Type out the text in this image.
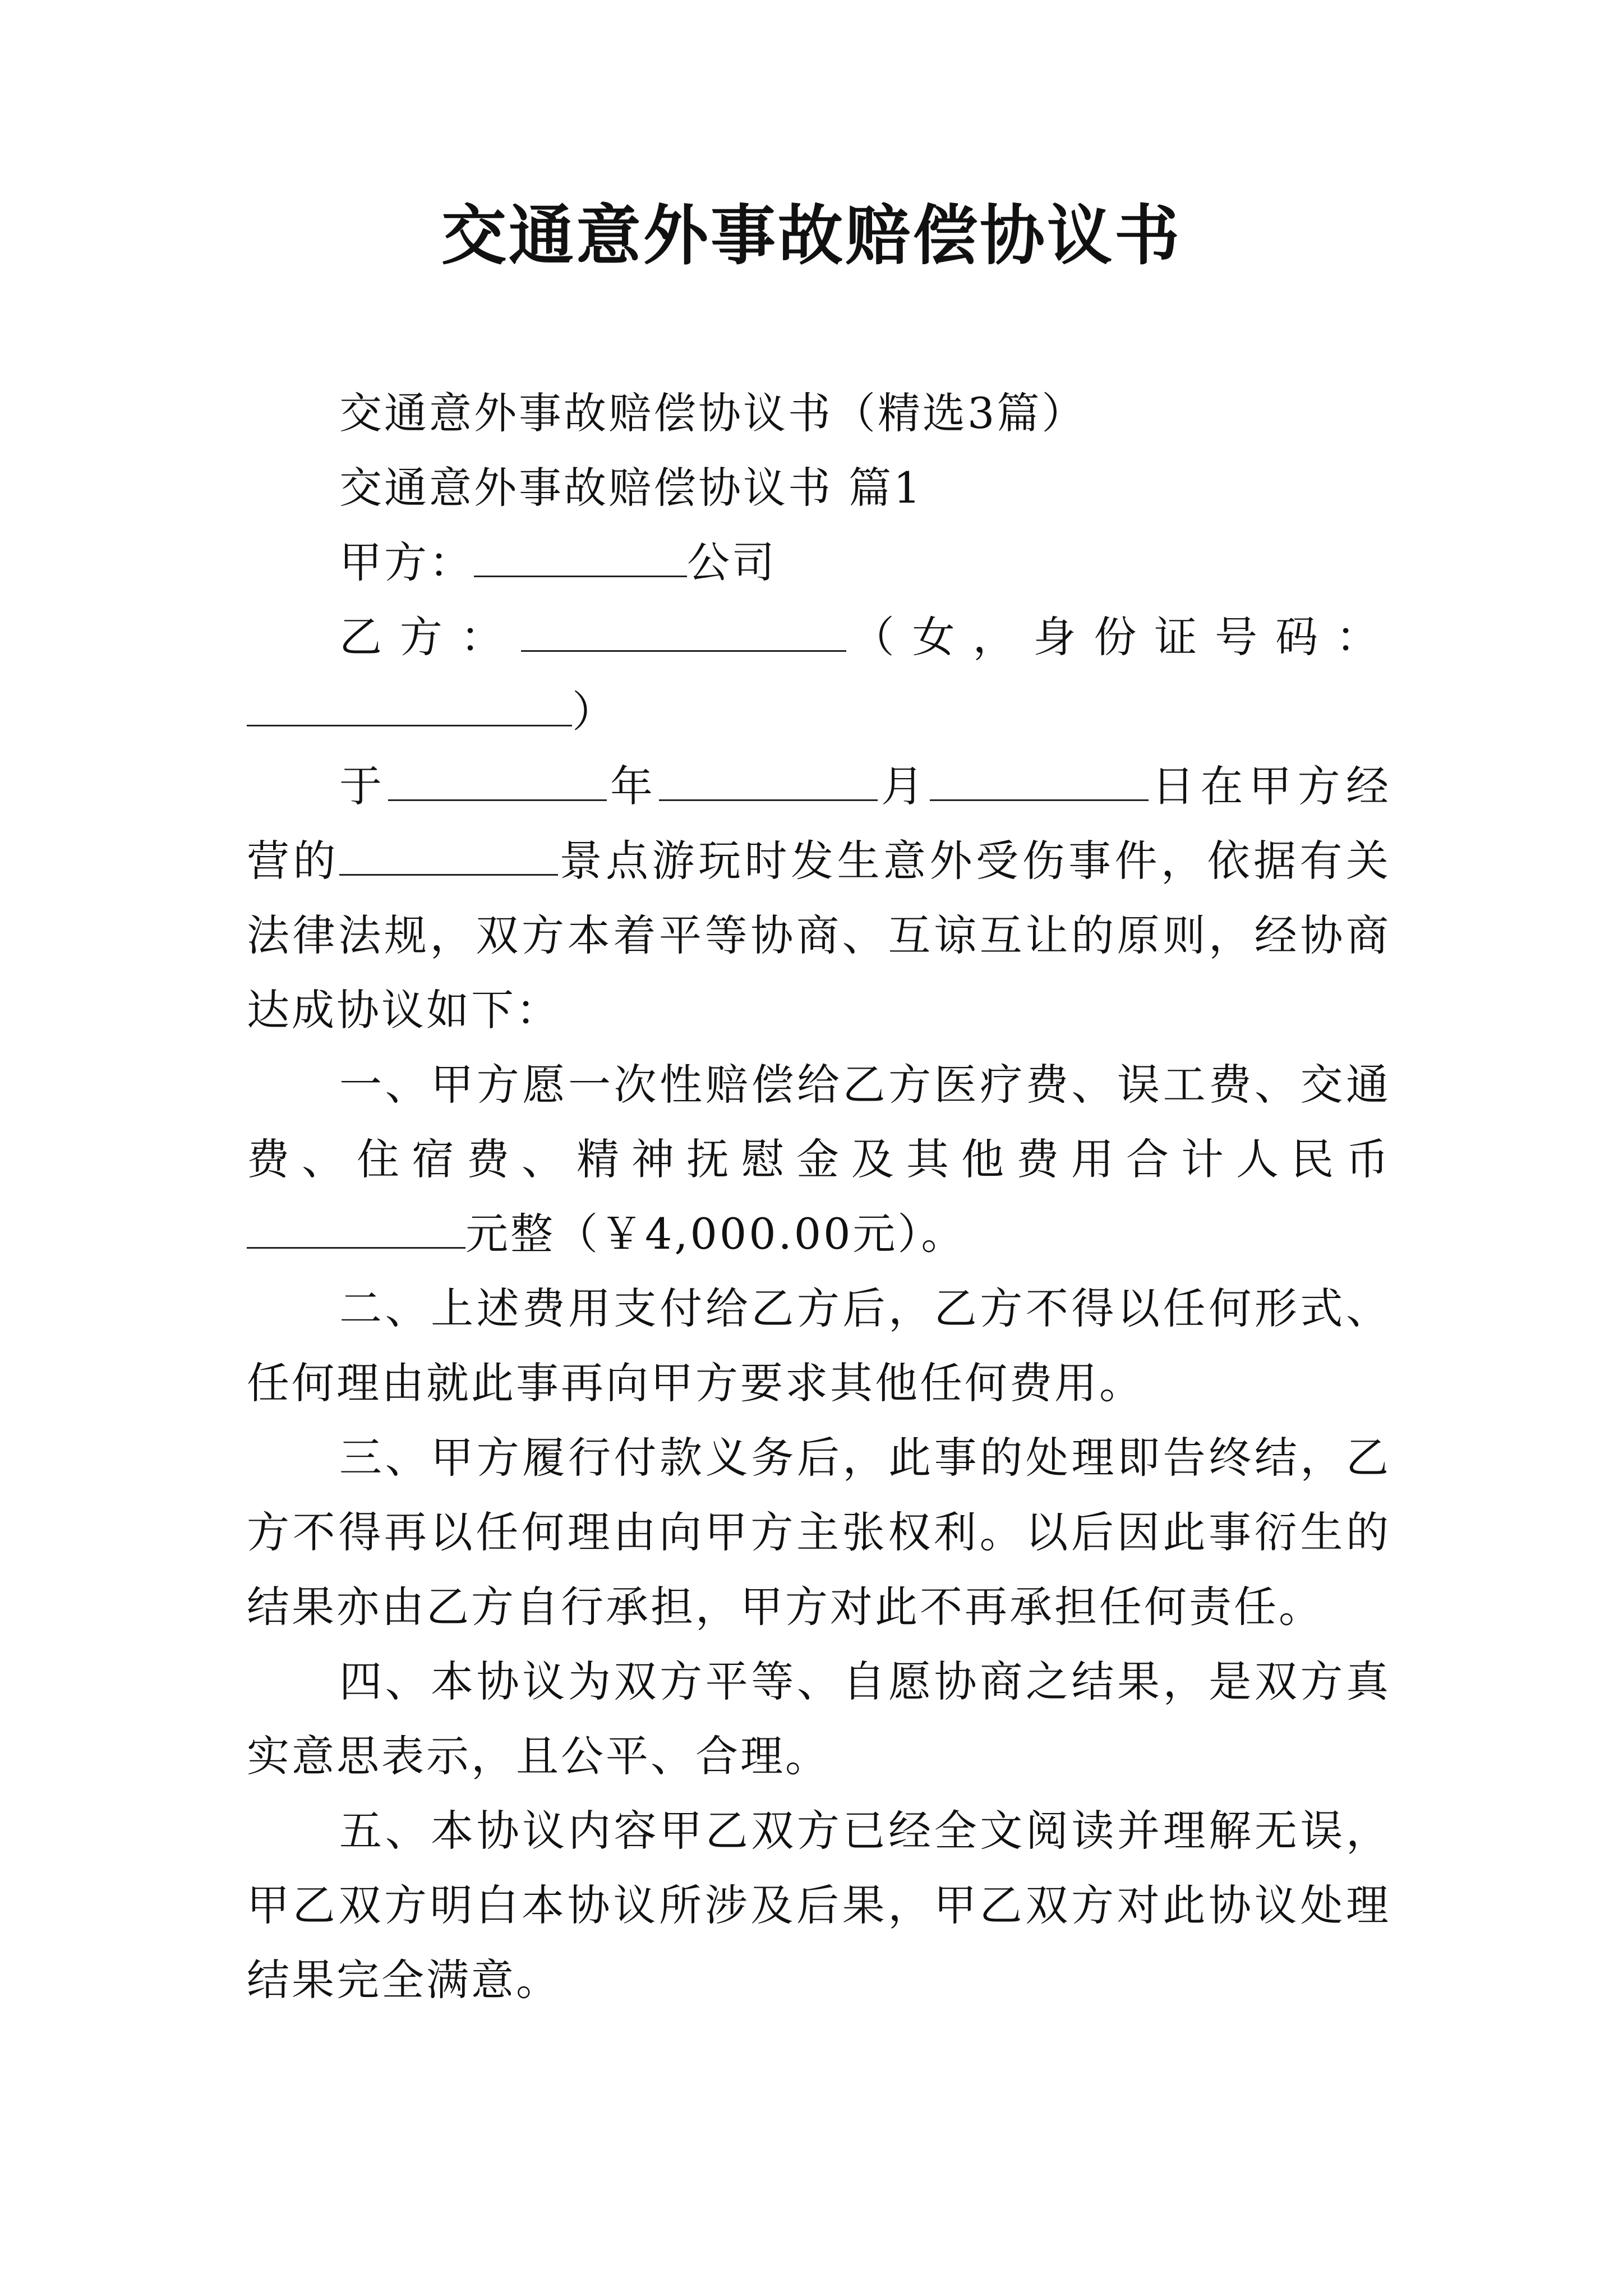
交通意外事故赔偿协议书

交通意外事故赔偿协议书（精选3篇）

交通意外事故赔偿协议书 篇1

甲方：	公司

乙方：	（女，身份证号码：）

于	年	月	日在甲方经营的	景点游玩时发生意外受伤事件，依据有关法律法规，双方本着平等协商、互谅互让的原则，经协商达成协议如下：

一、甲方愿一次性赔偿给乙方医疗费、误工费、交通费、住宿费、精神抚慰金及其他费用合计人民币元整（￥4,000.00元）。

二、上述费用支付给乙方后，乙方不得以任何形式、任何理由就此事再向甲方要求其他任何费用。

三、甲方履行付款义务后，此事的处理即告终结，乙方不得再以任何理由向甲方主张权利。以后因此事衍生的结果亦由乙方自行承担，甲方对此不再承担任何责任。

四、本协议为双方平等、自愿协商之结果，是双方真实意思表示，且公平、合理。

五、本协议内容甲乙双方已经全文阅读并理解无误，甲乙双方明白本协议所涉及后果，甲乙双方对此协议处理结果完全满意。
